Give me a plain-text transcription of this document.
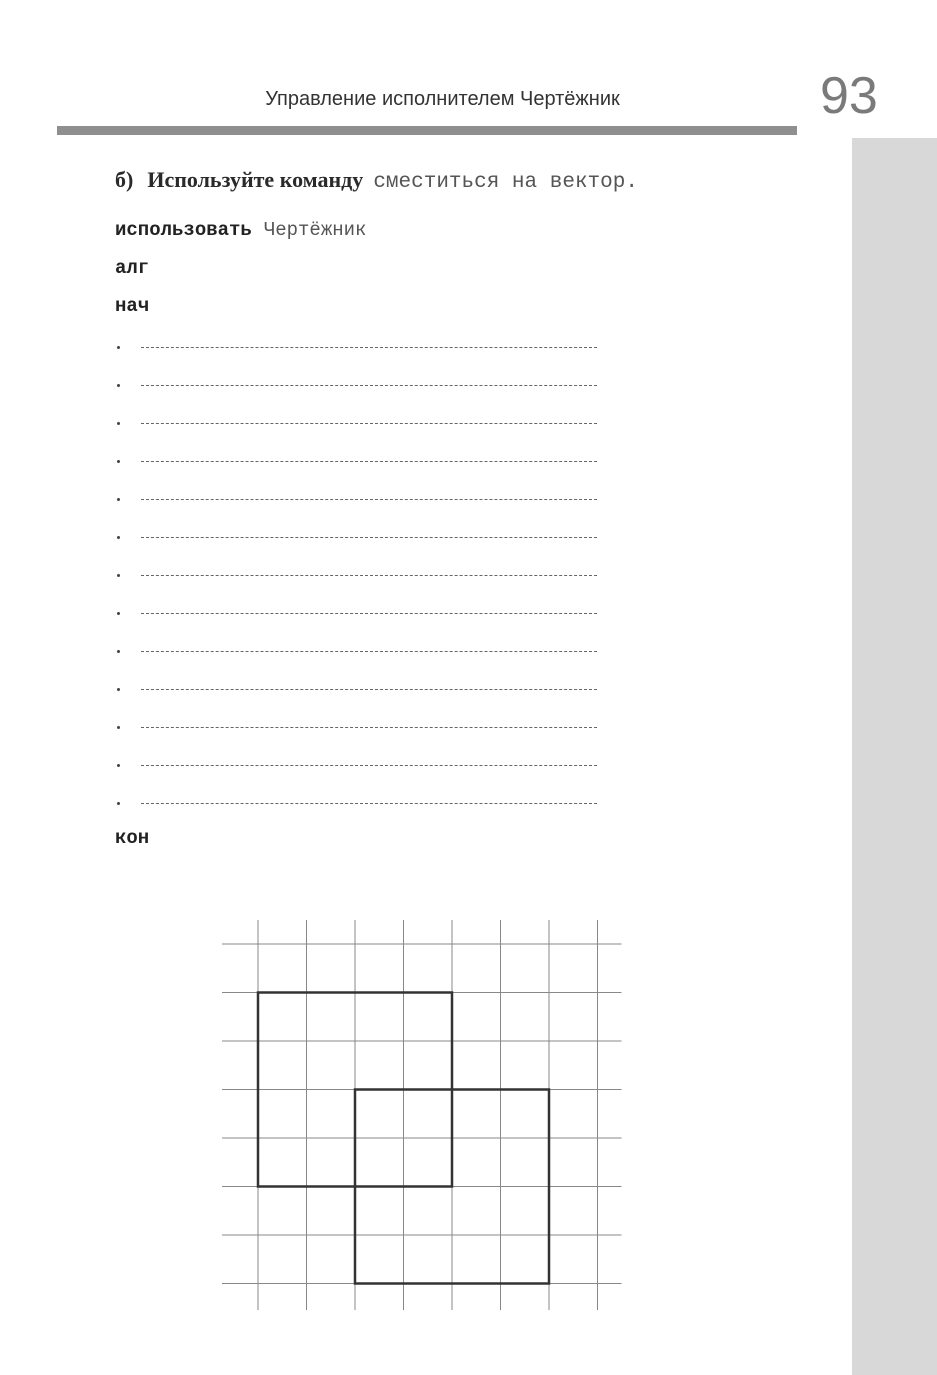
Управление исполнителем Чертёжник	93
б) Используйте команду сместиться на вектор.
использовать Чертёжник
алг
нач
кон
